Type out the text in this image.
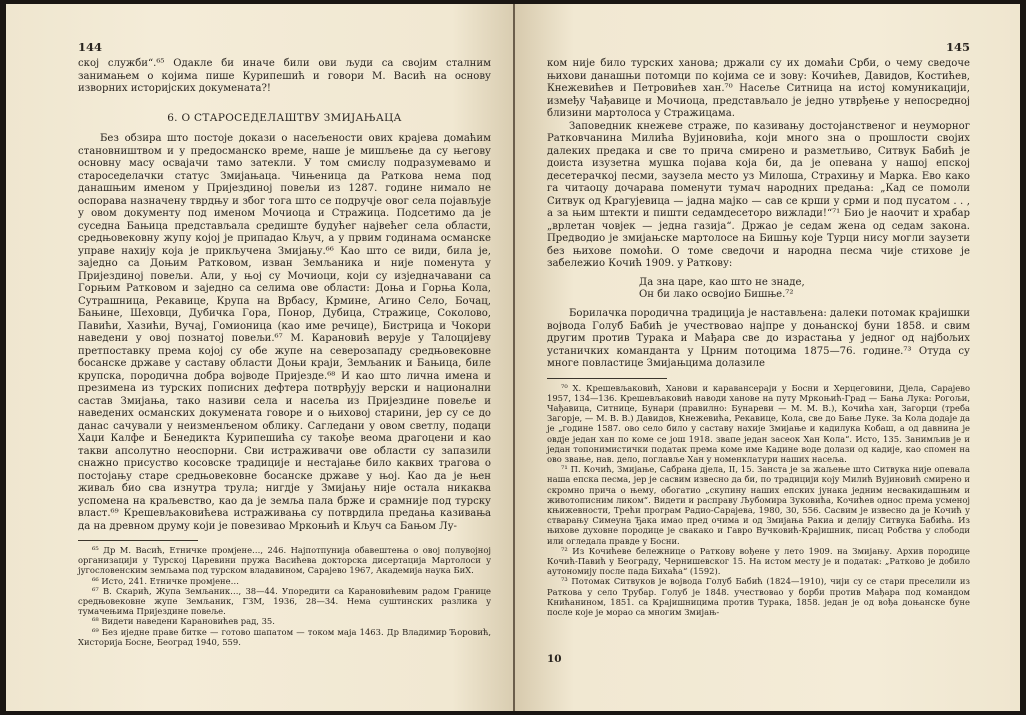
144

ској служби“.⁶⁵ Одакле би иначе били ови људи са својим сталним занимањем о којима пише Курипешић и говори М. Васић на основу изворних историјских докумената?!

6. О СТАРОСЕДЕЛАШТВУ ЗМИЈАЊАЦА

Без обзира што постоје докази о насељености ових крајева домаћим становништвом и у предосманско време, наше је мишљење да су његову основну масу освајачи тамо затекли. У том смислу подразумевамо и староседелачки статус Змијањаца. Чињеница да Раткова нема под данашњим именом у Пријездиној повељи из 1287. године нимало не оспорава назначену тврдњу и због тога што се подручје овог села појављује у овом документу под именом Мочиоца и Стражица. Подсетимо да је суседна Бањица представљала средиште будућег највећег села области, средњовековну жупу којој је припадао Кључ, а у првим годинама османске управе нахију која је прикључена Змијању.⁶⁶ Као што се види, била је, заједно са Доњим Ратковом, изван Земљаника и није поменута у Пријездиној повељи. Али, у њој су Мочиоци, који су изједначавани са Горњим Ратковом и заједно са селима ове области: Доња и Горња Кола, Сутрашница, Рекавице, Крупа на Врбасу, Крмине, Агино Село, Бочац, Бањине, Шеховци, Дубичка Гора, Понор, Дубица, Стражице, Соколово, Павићи, Хазићи, Вучај, Гомионица (као име речице), Бистрица и Чокори наведени у овој познатој повељи.⁶⁷ М. Карановић верује у Талоцијеву претпоставку према којој су обе жупе на северозападу средњовековне босанске државе у саставу области Доњи краји, Земљаник и Бањица, биле крупска, породична добра војводе Пријезде.⁶⁸ И као што лична имена и презимена из турских пописних дефтера потврђују верски и национални састав Змијања, тако називи села и насеља из Пријездине повеље и наведених османских докумената говоре и о њиховој старини, јер су се до данас сачували у неизменљеном облику. Сагледани у овом светлу, подаци Хаџи Калфе и Бенедикта Курипешића су такође веома драгоцени и као такви апсолутно неоспорни. Сви истраживачи ове области су запазили снажно присуство косовске традиције и нестајање било каквих трагова о постојању старе средњовековне босанске државе у њој. Као да је њен живаљ био сва изнутра трула; нигдје у Змијању није остала никаква успомена на краљевство, као да је земља пала брже и срамније под турску власт.⁶⁹ Крешевљаковићева истраживања су потврдила предања казивања да на древном друму који је повезивао Мркоњић и Кључ са Бањом Лу-

⁶⁵ Др М. Васић, Етничке промјене…, 246. Најпотпунија обавештења о овој полувојној организацији у Турској Царевини пружа Васићева докторска дисертација Мартолоси у југословенским земљама под турском владавином, Сарајево 1967, Академија наука БиХ.

⁶⁶ Исто, 241. Етничке промјене…

⁶⁷ В. Скарић, Жупа Земљаник…, 38—44. Упоредити са Карановићевим радом Границе средњовековне жупе Земљаник, ГЗМ, 1936, 28—34. Нема суштинских разлика у тумачењима Пријездине повеље.

⁶⁸ Видети наведени Карановићев рад, 35.

⁶⁹ Без иједне праве битке — готово шапатом — током маја 1463. Др Владимир Ћоровић, Хисторија Босне, Београд 1940, 559.

145

ком није било турских ханова; држали су их домаћи Срби, о чему сведоче њихови данашњи потомци по којима се и зову: Кочићев, Давидов, Костићев, Кнежевићев и Петровићев хан.⁷⁰ Насеље Ситница на истој комуникацији, између Чађавице и Мочиоца, представљало је једно утврђење у непосредној близини мартолоса у Стражицама.

Заповедник кнежеве страже, по казивању достојанственог и неуморног Ратковчанина Милића Вујиновића, који много зна о прошлости својих далеких предака и све то прича смирено и разметљиво, Ситвук Бабић је доиста изузетна мушка појава која би, да је опевана у нашој епској десетерачкој песми, заузела место уз Милоша, Страхињу и Марка. Ево како га читаоцу дочарава поменути тумач народних предања: „Кад се помоли Ситвук од Крагујевица — јадна мајко — сав се крши у срми и под пусатом . . , а за њим штекти и пишти седамдесеторо вижлади!“⁷¹ Био је наочит и храбар „врлетан човјек — једна газија“. Држао је седам жена од седам закона. Предводио је змијањске мартолосе на Бишњу које Турци нису могли заузети без њихове помоћи. О томе сведочи и народна песма чије стихове је забележио Кочић 1909. у Раткову:

Да зна царе, као што не знаде,
Он би лако освојио Бишње.⁷²

Борилачка породична традиција је настављена: далеки потомак крајишки војвода Голуб Бабић је учествовао најпре у доњанској буни 1858. и свим другим против Турака и Мађара све до израстања у једног од најбољих устаничких команданта у Црним потоцима 1875—76. године.⁷³ Отуда су многе повластице Змијањцима долазиле

⁷⁰ Х. Крешевљаковић, Ханови и каравансераји у Босни и Херцеговини, Дјела, Сарајево 1957, 134—136. Крешевљаковић наводи ханове на путу Мркоњић-Град — Бања Лука: Рогољи, Чађавица, Ситнице, Бунари (правилно: Бунареви — М. М. В.), Кочића хан, Загорци (треба Загорје, — М. В. В.) Давидов, Кнежевића, Рекавице, Кола, све до Бање Луке. За Кола додаје да је „године 1587. ово село било у саставу нахије Змијање и кадилука Кобаш, а од давнина је овдје један хан по коме се још 1918. звапе један засеок Хан Кола“. Исто, 135. Занимљив је и један топонимистички податак према коме име Кадине воде долази од кадије, као спомен на ово звање, нав. дело, поглавље Хан у номенклатури наших насеља.

⁷¹ П. Кочић, Змијање, Сабрана дјела, II, 15. Занста је за жаљење што Ситвука није опевала наша епска песма, јер је сасвим извесно да би, по традицији коју Милић Вујиновић смирено и скромно прича о њему, обогатио „скупину наших епских јунака једним несвакидашњим и животописним ликом“. Видети и расправу Љубомира Зуковића, Кочићев однос према усменој књижевности, Трећи програм Радио-Сарајева, 1980, 30, 556. Сасвим је извесно да је Кочић у стварању Симеуна Ђака имао пред очима и од Змијања Ракиа и делију Ситвука Бабића. Из њихове духовне породице је свакако и Гавро Вучковић-Крајишник, писац Робства у слободи или огледала правде у Босни.

⁷² Из Кочићеве бележнице о Раткову вођене у лето 1909. на Змијању. Архив породице Кочић-Павић у Београду, Чернишевског 15. На истом месту је и податак: „Ратково је добило аутономију после пада Бихаћа“ (1592).

⁷³ Потомак Ситвуков је војвода Голуб Бабић (1824—1910), чији су се стари преселили из Раткова у село Трубар. Голуб је 1848. учествовао у борби против Мађара под командом Книћанином, 1851. са Крајишницима против Турака, 1858. један је од вођа доњанске буне после које је морао са многим Змијањ-

10
